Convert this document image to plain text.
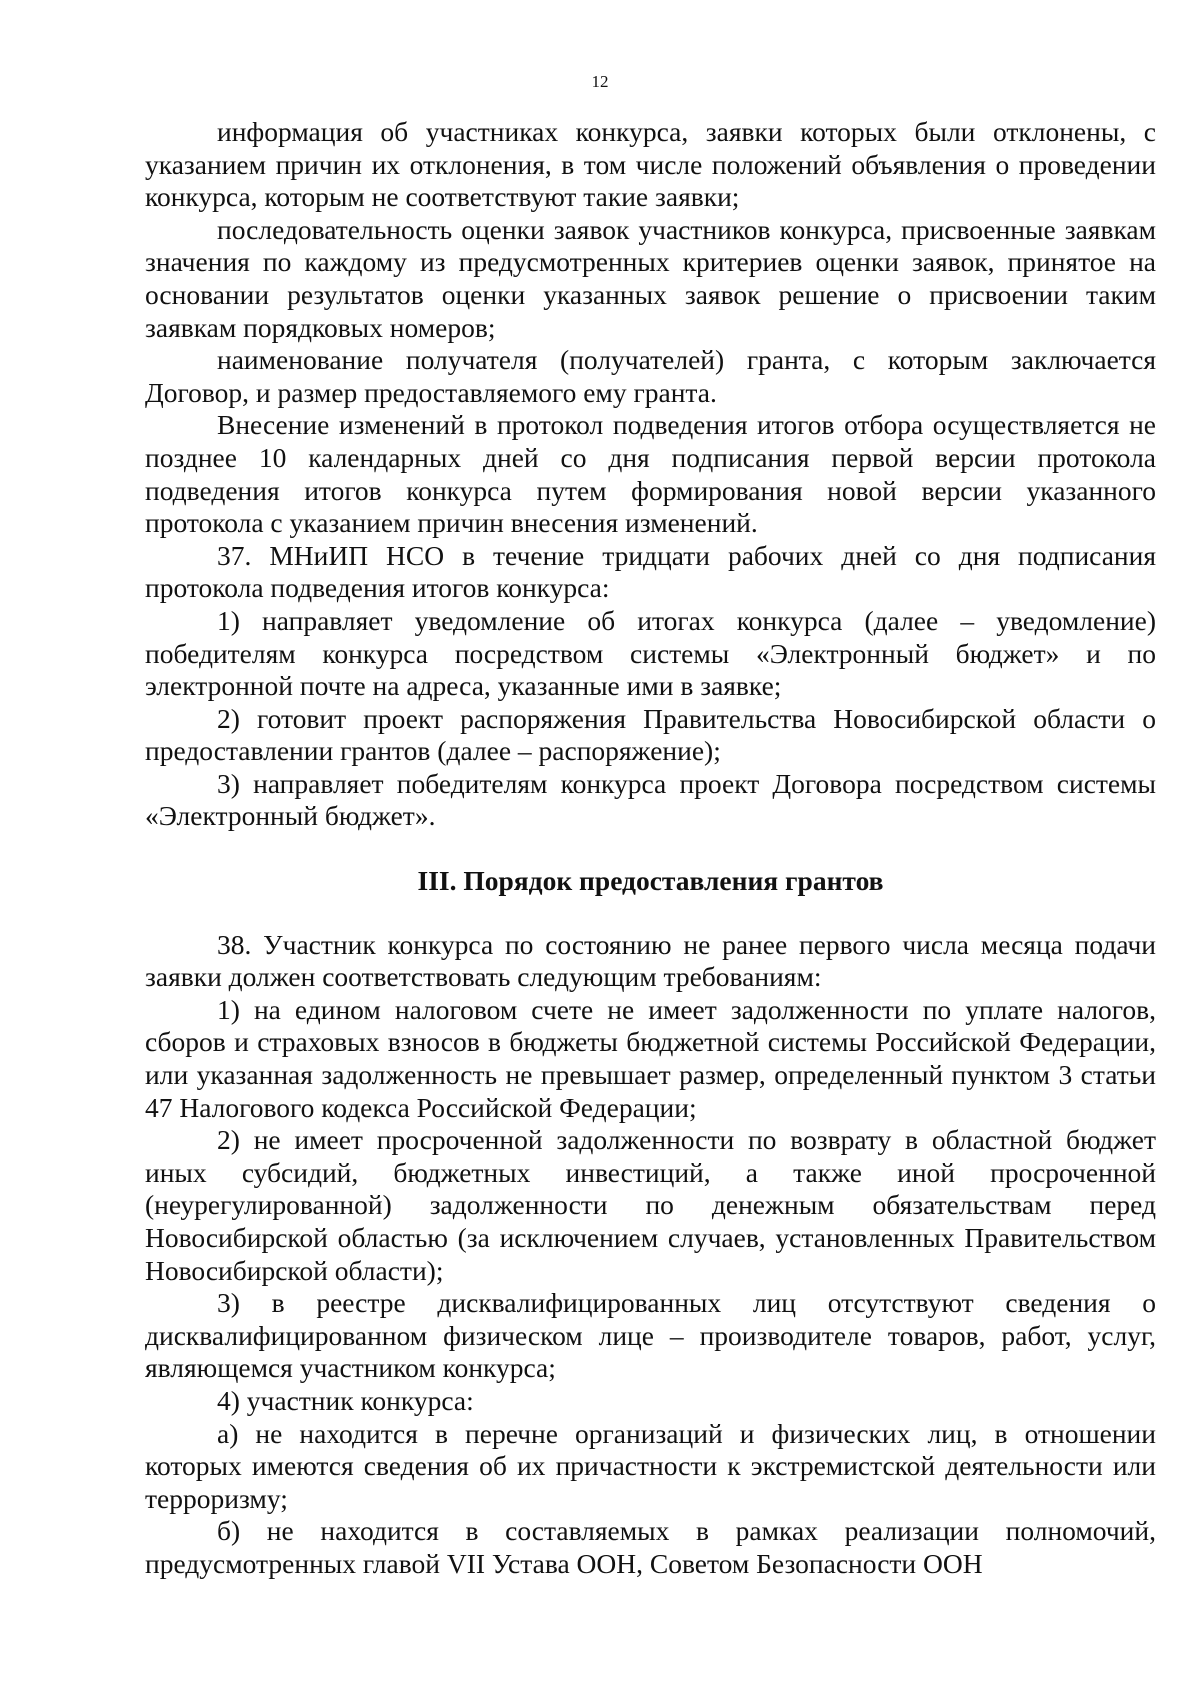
12

информация об участниках конкурса, заявки которых были отклонены, с указанием причин их отклонения, в том числе положений объявления о проведении конкурса, которым не соответствуют такие заявки;

последовательность оценки заявок участников конкурса, присвоенные заявкам значения по каждому из предусмотренных критериев оценки заявок, принятое на основании результатов оценки указанных заявок решение о присвоении таким заявкам порядковых номеров;

наименование получателя (получателей) гранта, с которым заключается Договор, и размер предоставляемого ему гранта.

Внесение изменений в протокол подведения итогов отбора осуществляется не позднее 10 календарных дней со дня подписания первой версии протокола подведения итогов конкурса путем формирования новой версии указанного протокола с указанием причин внесения изменений.

37. МНиИП НСО в течение тридцати рабочих дней со дня подписания протокола подведения итогов конкурса:

1) направляет уведомление об итогах конкурса (далее – уведомление) победителям конкурса посредством системы «Электронный бюджет» и по электронной почте на адреса, указанные ими в заявке;

2) готовит проект распоряжения Правительства Новосибирской области о предоставлении грантов (далее – распоряжение);

3) направляет победителям конкурса проект Договора посредством системы «Электронный бюджет».

III. Порядок предоставления грантов

38. Участник конкурса по состоянию не ранее первого числа месяца подачи заявки должен соответствовать следующим требованиям:

1) на едином налоговом счете не имеет задолженности по уплате налогов, сборов и страховых взносов в бюджеты бюджетной системы Российской Федерации, или указанная задолженность не превышает размер, определенный пунктом 3 статьи 47 Налогового кодекса Российской Федерации;

2) не имеет просроченной задолженности по возврату в областной бюджет иных субсидий, бюджетных инвестиций, а также иной просроченной (неурегулированной) задолженности по денежным обязательствам перед Новосибирской областью (за исключением случаев, установленных Правительством Новосибирской области);

3) в реестре дисквалифицированных лиц отсутствуют сведения о дисквалифицированном физическом лице – производителе товаров, работ, услуг, являющемся участником конкурса;

4) участник конкурса:

а) не находится в перечне организаций и физических лиц, в отношении которых имеются сведения об их причастности к экстремистской деятельности или терроризму;

б) не находится в составляемых в рамках реализации полномочий, предусмотренных главой VII Устава ООН, Советом Безопасности ООН
